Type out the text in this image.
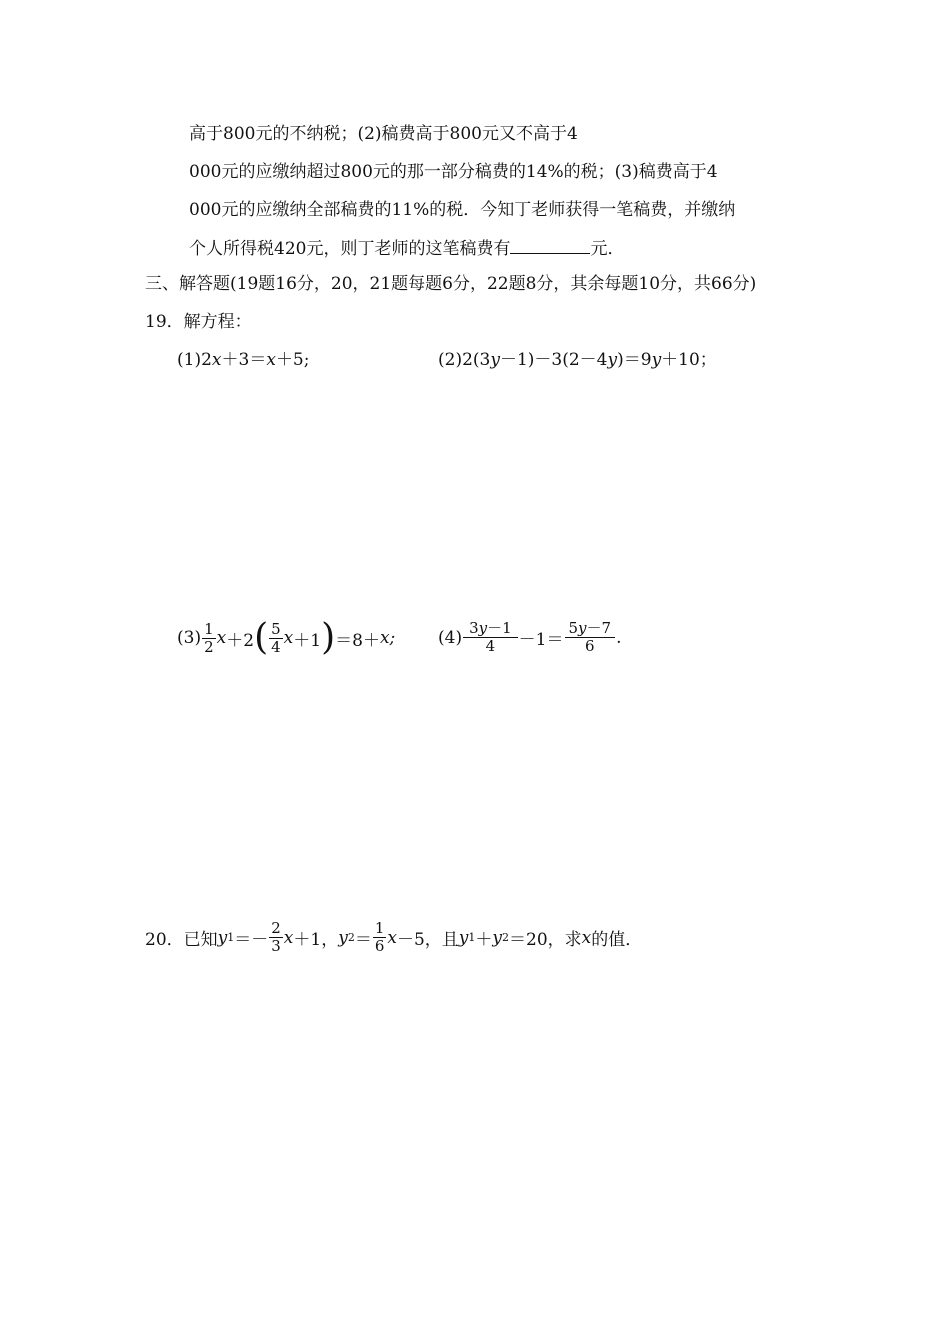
高于800元的不纳税；(2)稿费高于800元又不高于4
000元的应缴纳超过800元的那一部分稿费的14%的税；(3)稿费高于4
000元的应缴纳全部稿费的11%的税．今知丁老师获得一笔稿费，并缴纳
个人所得税420元，则丁老师的这笔稿费有	元．
三、解答题(19题16分，20，21题每题6分，22题8分，其余每题10分，共66分)
19．解方程：
(1)2x＋3＝x＋5;	(2)2(3y－1)－3(2－4y)＝9y＋10；
$(3) \frac{1}{2}$ x ＋2 ( $\frac{5}{4}$ x ＋1 ) ＝8＋ x ;	$(4) \frac{3y-1}{4} -1= \frac{5y-7}{6}$ .
20．已知 y $1 =- \frac{2}{3}$ x ＋1， y $2 = \frac{1}{6}$ x －5，且 y 1 ＋ y 2 ＝20，求 x 的值．
